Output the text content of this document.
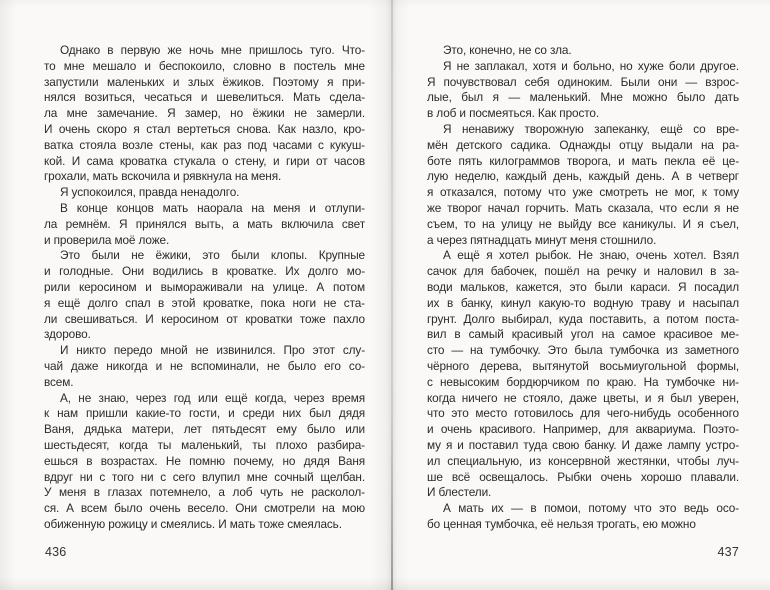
Однако в первую же ночь мне пришлось туго. Что-
то мне мешало и беспокоило, словно в постель мне
запустили маленьких и злых ёжиков. Поэтому я при-
нялся возиться, чесаться и шевелиться. Мать сдела-
ла мне замечание. Я замер, но ёжики не замерли.
И очень скоро я стал вертеться снова. Как назло, кро-
ватка стояла возле стены, как раз под часами с кукуш-
кой. И сама кроватка стукала о стену, и гири от часов
грохали, мать вскочила и рявкнула на меня.

Я успокоился, правда ненадолго.

В конце концов мать наорала на меня и отлупи-
ла ремнём. Я принялся выть, а мать включила свет
и проверила моё ложе.

Это были не ёжики, это были клопы. Крупные
и голодные. Они водились в кроватке. Их долго мо-
рили керосином и вымораживали на улице. А потом
я ещё долго спал в этой кроватке, пока ноги не ста-
ли свешиваться. И керосином от кроватки тоже пахло
здорово.

И никто передо мной не извинился. Про этот слу-
чай даже никогда и не вспоминали, не было его со-
всем.

А, не знаю, через год или ещё когда, через время
к нам пришли какие-то гости, и среди них был дядя
Ваня, дядька матери, лет пятьдесят ему было или
шестьдесят, когда ты маленький, ты плохо разбира-
ешься в возрастах. Не помню почему, но дядя Ваня
вдруг ни с того ни с сего влупил мне сочный щелбан.
У меня в глазах потемнело, а лоб чуть не расколол-
ся. А всем было очень весело. Они смотрели на мою
обиженную рожицу и смеялись. И мать тоже смеялась.

436

Это, конечно, не со зла.

Я не заплакал, хотя и больно, но хуже боли другое.
Я почувствовал себя одиноким. Были они — взрос-
лые, был я — маленький. Мне можно было дать
в лоб и посмеяться. Как просто.

Я ненавижу творожную запеканку, ещё со вре-
мён детского садика. Однажды отцу выдали на ра-
боте пять килограммов творога, и мать пекла её це-
лую неделю, каждый день, каждый день. А в четверг
я отказался, потому что уже смотреть не мог, к тому
же творог начал горчить. Мать сказала, что если я не
съем, то на улицу не выйду все каникулы. И я съел,
а через пятнадцать минут меня стошнило.

А ещё я хотел рыбок. Не знаю, очень хотел. Взял
сачок для бабочек, пошёл на речку и наловил в за-
води мальков, кажется, это были караси. Я посадил
их в банку, кинул какую-то водную траву и насыпал
грунт. Долго выбирал, куда поставить, а потом поста-
вил в самый красивый угол на самое красивое ме-
сто — на тумбочку. Это была тумбочка из заметного
чёрного дерева, вытянутой восьмиугольной формы,
с невысоким бордюрчиком по краю. На тумбочке ни-
когда ничего не стояло, даже цветы, и я был уверен,
что это место готовилось для чего-нибудь особенного
и очень красивого. Например, для аквариума. Поэто-
му я и поставил туда свою банку. И даже лампу устро-
ил специальную, из консервной жестянки, чтобы луч-
ше всё освещалось. Рыбки очень хорошо плавали.
И блестели.

А мать их — в помои, потому что это ведь осо-
бо ценная тумбочка, её нельзя трогать, ею можно

437
